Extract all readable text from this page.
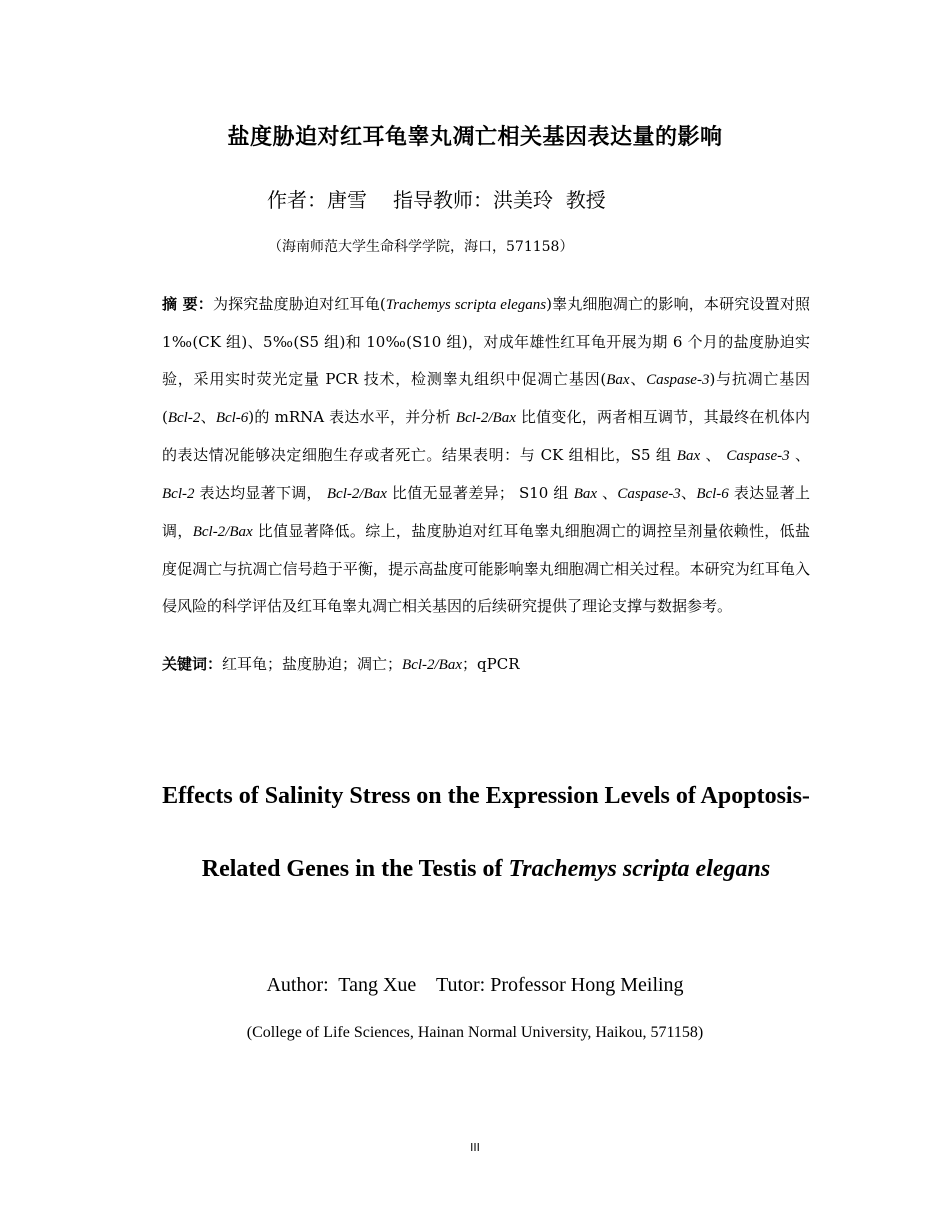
盐度胁迫对红耳龟睾丸凋亡相关基因表达量的影响
作者：唐雪 指导教师：洪美玲  教授
（海南师范大学生命科学学院，海口，571158）
摘 要：为探究盐度胁迫对红耳龟(Trachemys scripta elegans)睾丸细胞凋亡的影响，本研究设置对照 1‰(CK 组)、5‰(S5 组)和 10‰(S10 组)，对成年雄性红耳龟开展为期 6 个月的盐度胁迫实验，采用实时荧光定量 PCR 技术，检测睾丸组织中促凋亡基因(Bax、Caspase-3)与抗凋亡基因(Bcl-2、Bcl-6)的 mRNA 表达水平，并分析 Bcl-2/Bax 比值变化，两者相互调节，其最终在机体内的表达情况能够决定细胞生存或者死亡。结果表明：与 CK 组相比，S5 组 Bax 、 Caspase-3 、 Bcl-2 表达均显著下调， Bcl-2/Bax 比值无显著差异； S10 组 Bax 、Caspase-3、Bcl-6 表达显著上调，Bcl-2/Bax 比值显著降低。综上，盐度胁迫对红耳龟睾丸细胞凋亡的调控呈剂量依赖性，低盐度促凋亡与抗凋亡信号趋于平衡，提示高盐度可能影响睾丸细胞凋亡相关过程。本研究为红耳龟入侵风险的科学评估及红耳龟睾丸凋亡相关基因的后续研究提供了理论支撑与数据参考。
关键词：红耳龟；盐度胁迫；凋亡；Bcl-2/Bax；qPCR
Effects of Salinity Stress on the Expression Levels of Apoptosis-Related Genes in the Testis of Trachemys scripta elegans
Author:  Tang Xue Tutor: Professor Hong Meiling
(College of Life Sciences, Hainan Normal University, Haikou, 571158)
III
